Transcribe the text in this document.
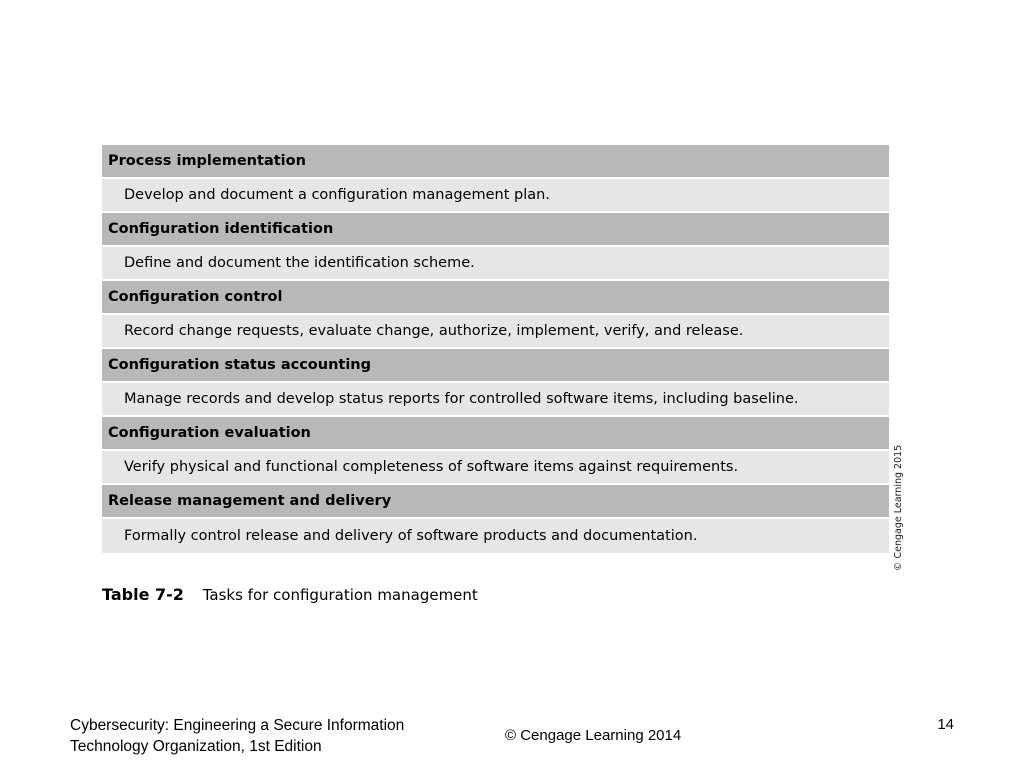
Process implementation
Develop and document a configuration management plan.
Configuration identification
Define and document the identification scheme.
Configuration control
Record change requests, evaluate change, authorize, implement, verify, and release.
Configuration status accounting
Manage records and develop status reports for controlled software items, including baseline.
Configuration evaluation
Verify physical and functional completeness of software items against requirements.
Release management and delivery
Formally control release and delivery of software products and documentation.	© Cengage Learning 2015
Table 7-2 Tasks for configuration management
Cybersecurity: Engineering a Secure Information
Technology Organization, 1st Edition
© Cengage Learning 2014
14
